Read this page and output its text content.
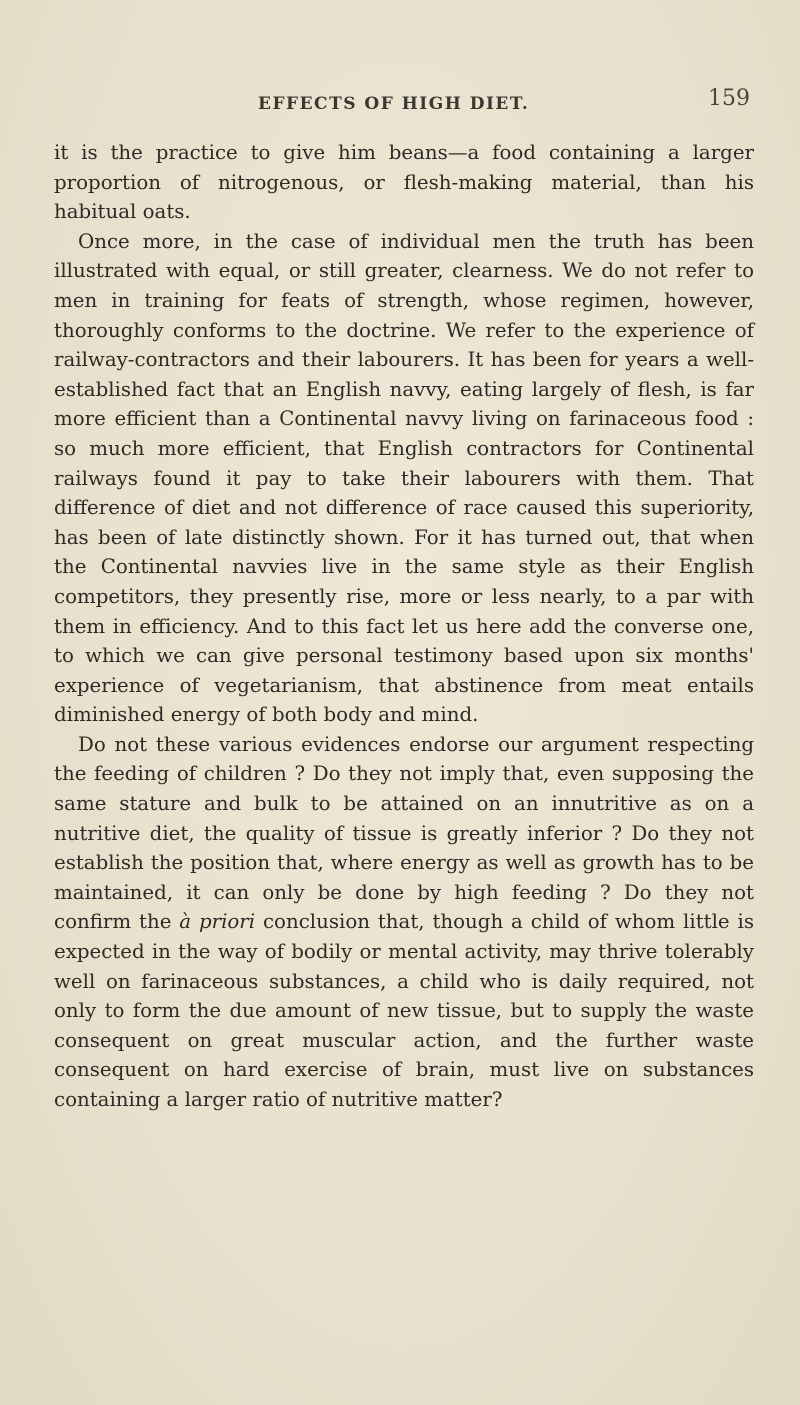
EFFECTS OF HIGH DIET.	159

it is the practice to give him beans—a food containing a larger proportion of nitrogenous, or flesh-making material, than his habitual oats.

Once more, in the case of individual men the truth has been illustrated with equal, or still greater, clearness. We do not refer to men in training for feats of strength, whose regimen, however, thoroughly conforms to the doctrine. We refer to the experience of railway-contractors and their labourers. It has been for years a well-established fact that an English navvy, eating largely of flesh, is far more efficient than a Continental navvy living on farinaceous food : so much more efficient, that English contractors for Continental railways found it pay to take their labourers with them. That difference of diet and not difference of race caused this superiority, has been of late distinctly shown. For it has turned out, that when the Continental navvies live in the same style as their English competitors, they presently rise, more or less nearly, to a par with them in efficiency. And to this fact let us here add the converse one, to which we can give personal testimony based upon six months' experience of vegetarianism, that abstinence from meat entails diminished energy of both body and mind.

Do not these various evidences endorse our argument respecting the feeding of children ? Do they not imply that, even supposing the same stature and bulk to be attained on an innutritive as on a nutritive diet, the quality of tissue is greatly inferior ? Do they not establish the position that, where energy as well as growth has to be maintained, it can only be done by high feeding ? Do they not confirm the à priori conclusion that, though a child of whom little is expected in the way of bodily or mental activity, may thrive tolerably well on farinaceous substances, a child who is daily required, not only to form the due amount of new tissue, but to supply the waste consequent on great muscular action, and the further waste consequent on hard exercise of brain, must live on substances containing a larger ratio of nutritive matter?
